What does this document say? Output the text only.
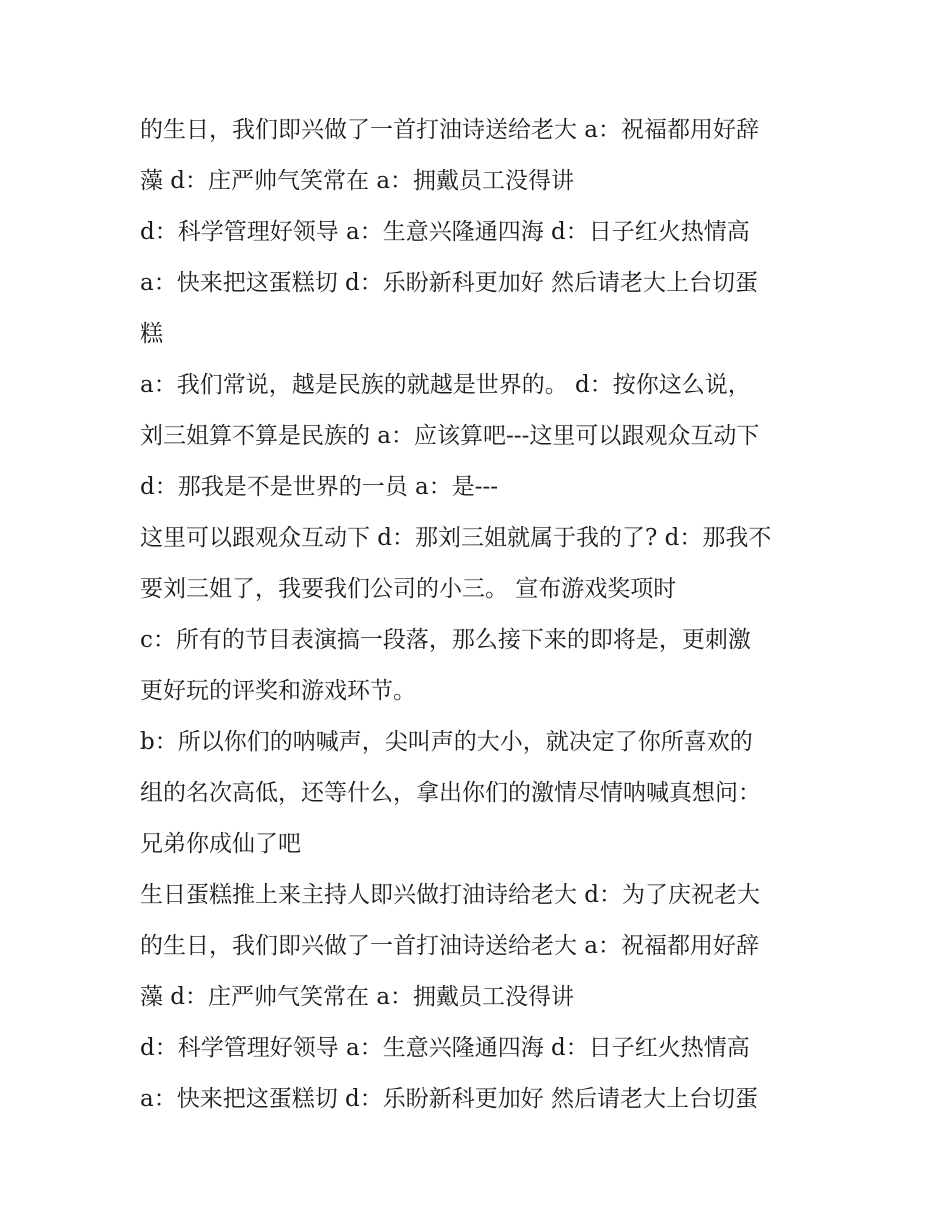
的生日，我们即兴做了一首打油诗送给老大 a：祝福都用好辞
藻 d：庄严帅气笑常在 a：拥戴员工没得讲
d：科学管理好领导 a：生意兴隆通四海 d：日子红火热情高
a：快来把这蛋糕切 d：乐盼新科更加好 然后请老大上台切蛋
糕
a：我们常说，越是民族的就越是世界的。 d：按你这么说，
刘三姐算不算是民族的 a：应该算吧---这里可以跟观众互动下
d：那我是不是世界的一员 a：是---
这里可以跟观众互动下 d：那刘三姐就属于我的了? d：那我不
要刘三姐了，我要我们公司的小三。 宣布游戏奖项时
c：所有的节目表演搞一段落，那么接下来的即将是，更刺激
更好玩的评奖和游戏环节。
b：所以你们的呐喊声，尖叫声的大小，就决定了你所喜欢的
组的名次高低，还等什么，拿出你们的激情尽情呐喊真想问：
兄弟你成仙了吧
生日蛋糕推上来主持人即兴做打油诗给老大 d：为了庆祝老大
的生日，我们即兴做了一首打油诗送给老大 a：祝福都用好辞
藻 d：庄严帅气笑常在 a：拥戴员工没得讲
d：科学管理好领导 a：生意兴隆通四海 d：日子红火热情高
a：快来把这蛋糕切 d：乐盼新科更加好 然后请老大上台切蛋
